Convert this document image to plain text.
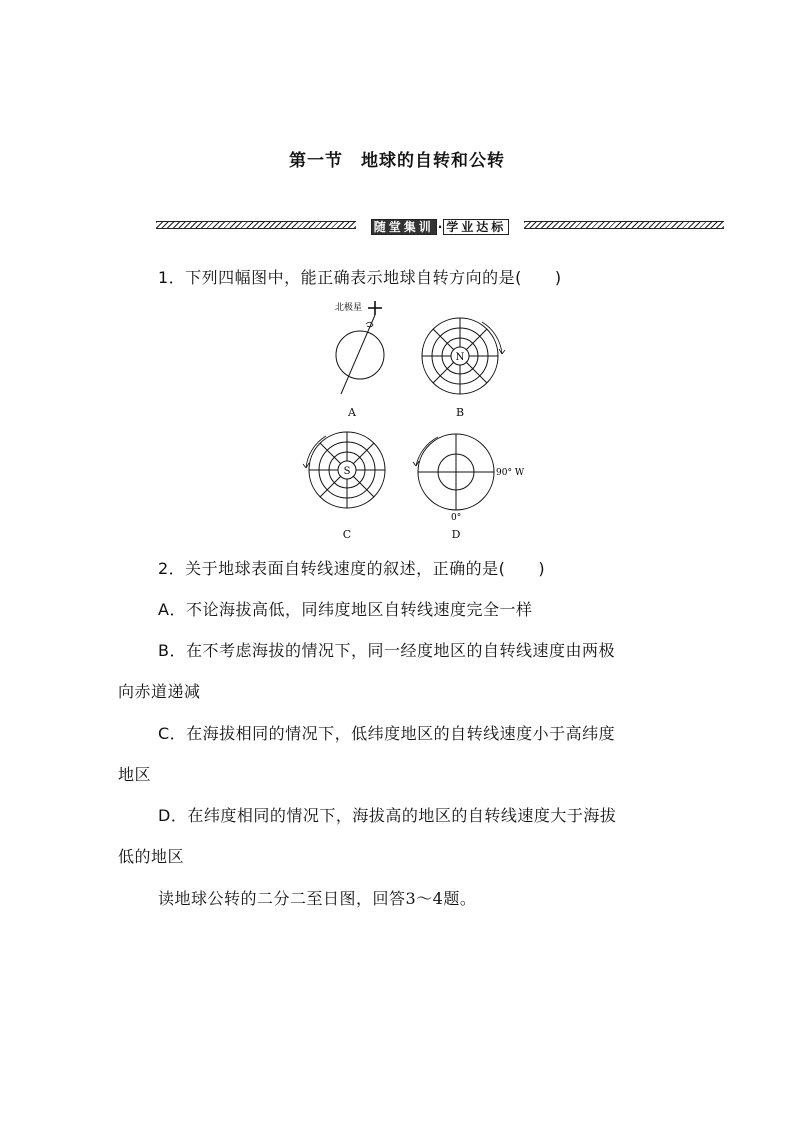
第一节　地球的自转和公转
随堂集训 · 学业达标
1．下列四幅图中，能正确表示地球自转方向的是(　　)
北极星
A
N
B
S
C
90° W
0°
D
2．关于地球表面自转线速度的叙述，正确的是(　　)
A．不论海拔高低，同纬度地区自转线速度完全一样
B．在不考虑海拔的情况下，同一经度地区的自转线速度由两极
向赤道递减
C．在海拔相同的情况下，低纬度地区的自转线速度小于高纬度
地区
D．在纬度相同的情况下，海拔高的地区的自转线速度大于海拔
低的地区
读地球公转的二分二至日图，回答3～4题。
